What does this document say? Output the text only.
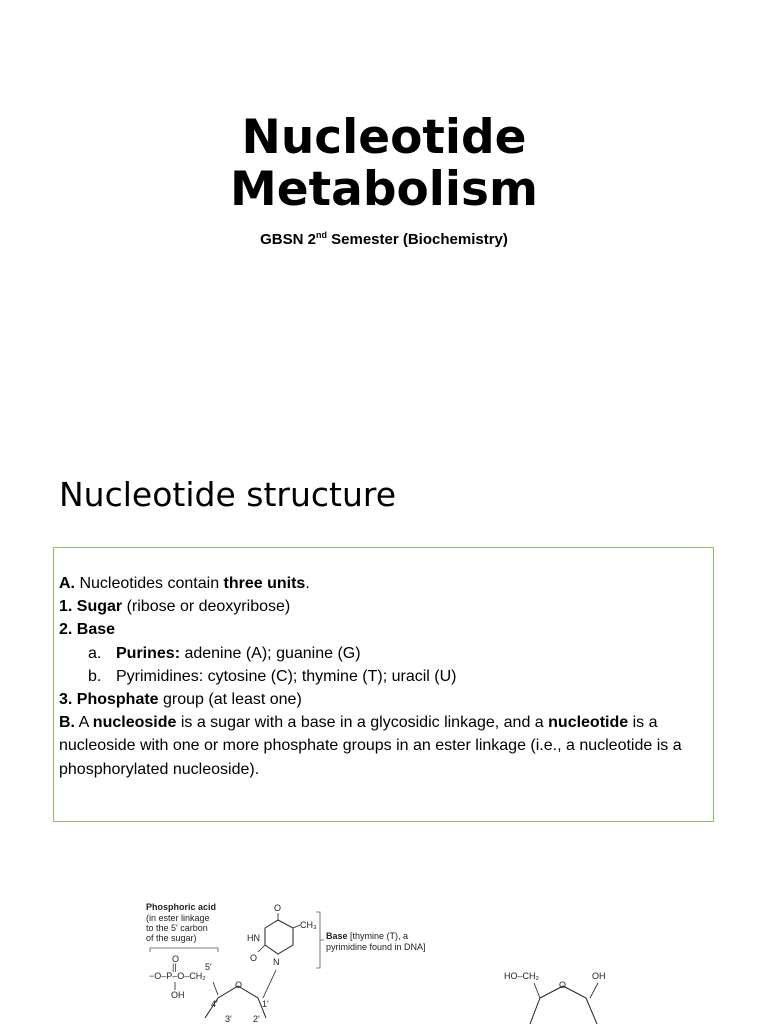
Nucleotide
Metabolism
GBSN 2nd Semester (Biochemistry)
Nucleotide structure

A. Nucleotides contain three units.

1. Sugar (ribose or deoxyribose)

2. Base

a. Purines: adenine (A); guanine (G)

b. Pyrimidines: cytosine (C); thymine (T); uracil (U)

3. Phosphate group (at least one)

B. A nucleoside is a sugar with a base in a glycosidic linkage, and a nucleotide is a nucleoside with one or more phosphate groups in an ester linkage (i.e., a nucleotide is a phosphorylated nucleoside).

Phosphoric acid
(in ester linkage
to the 5' carbon
of the sugar)
O
||	5'
−O–P–O–CH₂
OH
O
4'	1'
3' 2'
O
HN
N
O
CH₃
Base [thymine (T), a
pyrimidine found in DNA]
HO–CH₂	OH
O
